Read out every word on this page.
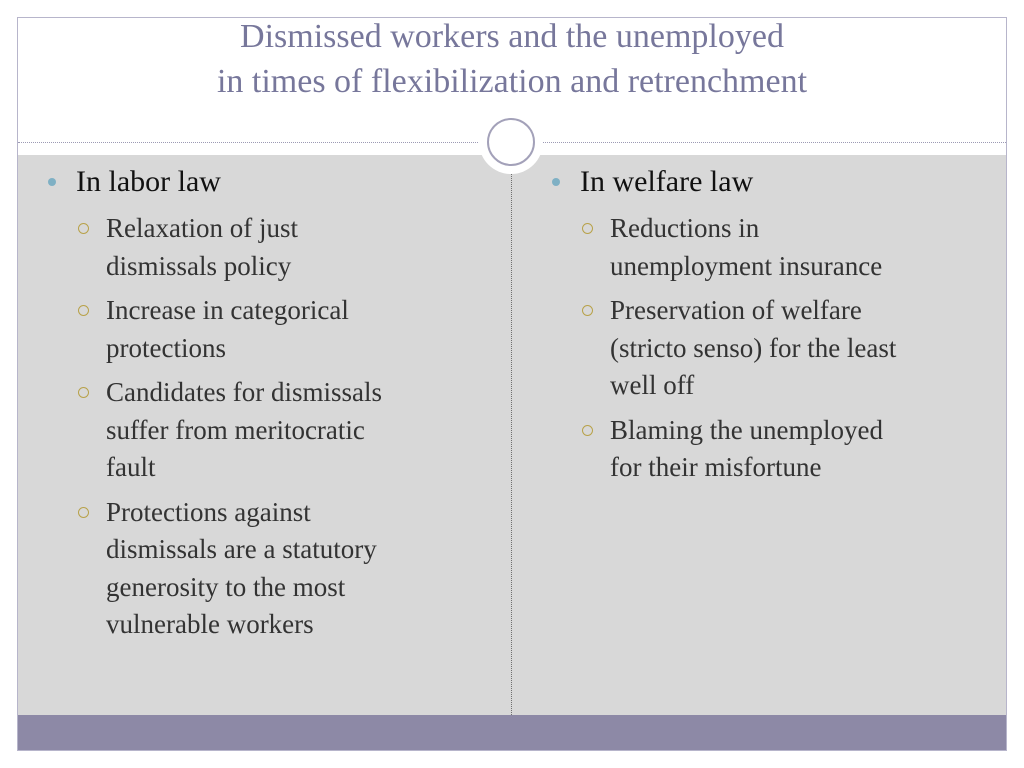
Dismissed workers and the unemployed
in times of flexibilization and retrenchment
In labor law
Relaxation of just
dismissals policy
Increase in categorical
protections
Candidates for dismissals
suffer from meritocratic
fault
Protections against
dismissals are a statutory
generosity to the most
vulnerable workers
In welfare law
Reductions in
unemployment insurance
Preservation of welfare
(stricto senso) for the least
well off
Blaming the unemployed
for their misfortune
